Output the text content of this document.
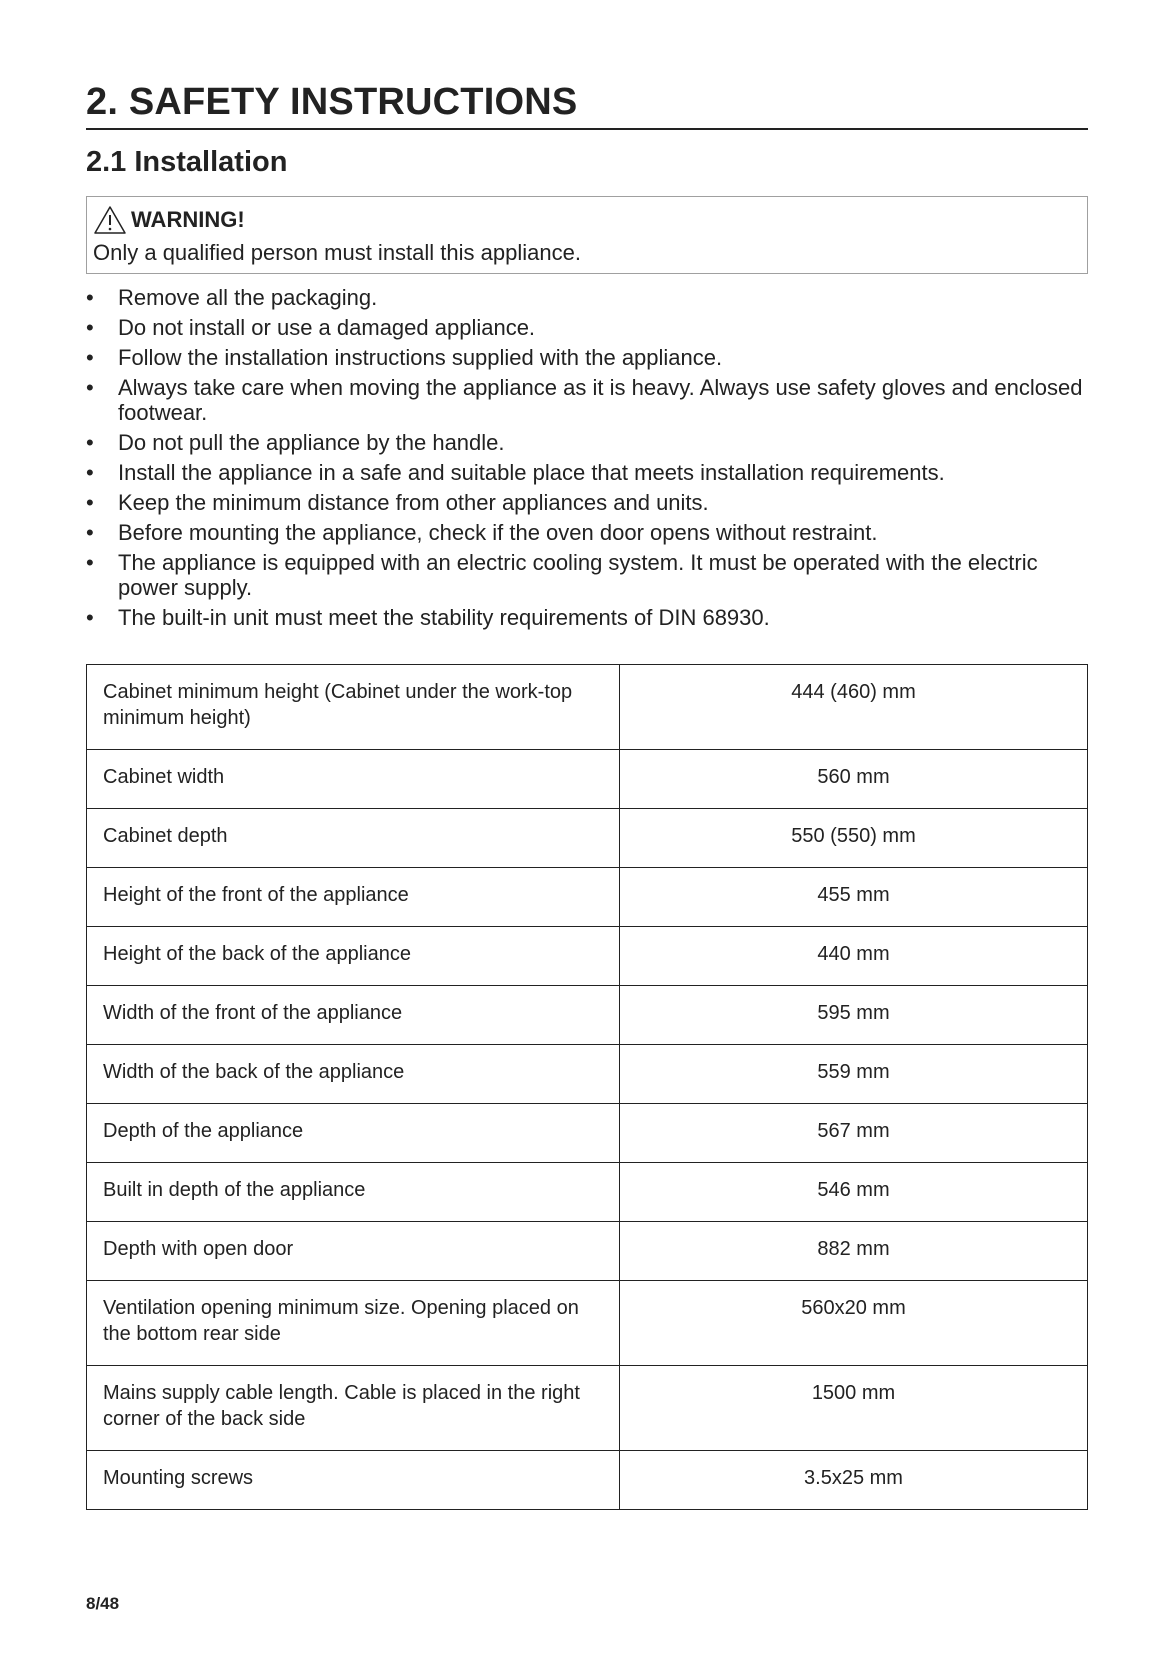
2. SAFETY INSTRUCTIONS
2.1 Installation
WARNING!
Only a qualified person must install this appliance.
• Remove all the packaging.
• Do not install or use a damaged appliance.
• Follow the installation instructions supplied with the appliance.
• Always take care when moving the appliance as it is heavy. Always use safety gloves and enclosed footwear.
• Do not pull the appliance by the handle.
• Install the appliance in a safe and suitable place that meets installation requirements.
• Keep the minimum distance from other appliances and units.
• Before mounting the appliance, check if the oven door opens without restraint.
• The appliance is equipped with an electric cooling system. It must be operated with the electric power supply.
• The built-in unit must meet the stability requirements of DIN 68930.
Cabinet minimum height (Cabinet under the work-top minimum height)	444 (460) mm
Cabinet width	560 mm
Cabinet depth	550 (550) mm
Height of the front of the appliance	455 mm
Height of the back of the appliance	440 mm
Width of the front of the appliance	595 mm
Width of the back of the appliance	559 mm
Depth of the appliance	567 mm
Built in depth of the appliance	546 mm
Depth with open door	882 mm
Ventilation opening minimum size. Opening placed on the bottom rear side	560x20 mm
Mains supply cable length. Cable is placed in the right corner of the back side	1500 mm
Mounting screws	3.5x25 mm
8/48
